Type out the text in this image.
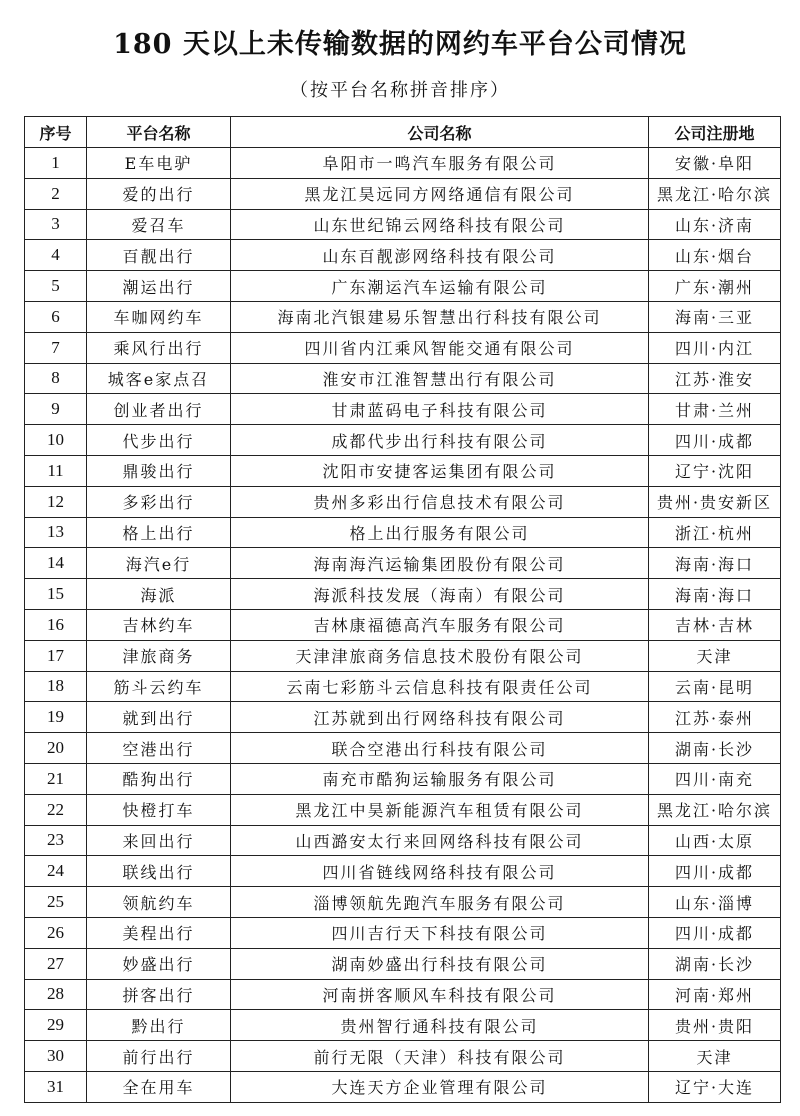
180 天以上未传输数据的网约车平台公司情况
（按平台名称拼音排序）
序号	平台名称	公司名称	公司注册地
1	E车电驴	阜阳市一鸣汽车服务有限公司	安徽·阜阳
2	爱的出行	黑龙江昊远同方网络通信有限公司	黑龙江·哈尔滨
3	爱召车	山东世纪锦云网络科技有限公司	山东·济南
4	百靓出行	山东百靓澎网络科技有限公司	山东·烟台
5	潮运出行	广东潮运汽车运输有限公司	广东·潮州
6	车咖网约车	海南北汽银建易乐智慧出行科技有限公司	海南·三亚
7	乘风行出行	四川省内江乘风智能交通有限公司	四川·内江
8	城客e家点召	淮安市江淮智慧出行有限公司	江苏·淮安
9	创业者出行	甘肃蓝码电子科技有限公司	甘肃·兰州
10	代步出行	成都代步出行科技有限公司	四川·成都
11	鼎骏出行	沈阳市安捷客运集团有限公司	辽宁·沈阳
12	多彩出行	贵州多彩出行信息技术有限公司	贵州·贵安新区
13	格上出行	格上出行服务有限公司	浙江·杭州
14	海汽e行	海南海汽运输集团股份有限公司	海南·海口
15	海派	海派科技发展（海南）有限公司	海南·海口
16	吉林约车	吉林康福德高汽车服务有限公司	吉林·吉林
17	津旅商务	天津津旅商务信息技术股份有限公司	天津
18	筋斗云约车	云南七彩筋斗云信息科技有限责任公司	云南·昆明
19	就到出行	江苏就到出行网络科技有限公司	江苏·泰州
20	空港出行	联合空港出行科技有限公司	湖南·长沙
21	酷狗出行	南充市酷狗运输服务有限公司	四川·南充
22	快橙打车	黑龙江中昊新能源汽车租赁有限公司	黑龙江·哈尔滨
23	来回出行	山西潞安太行来回网络科技有限公司	山西·太原
24	联线出行	四川省链线网络科技有限公司	四川·成都
25	领航约车	淄博领航先跑汽车服务有限公司	山东·淄博
26	美程出行	四川吉行天下科技有限公司	四川·成都
27	妙盛出行	湖南妙盛出行科技有限公司	湖南·长沙
28	拼客出行	河南拼客顺风车科技有限公司	河南·郑州
29	黔出行	贵州智行通科技有限公司	贵州·贵阳
30	前行出行	前行无限（天津）科技有限公司	天津
31	全在用车	大连天方企业管理有限公司	辽宁·大连
